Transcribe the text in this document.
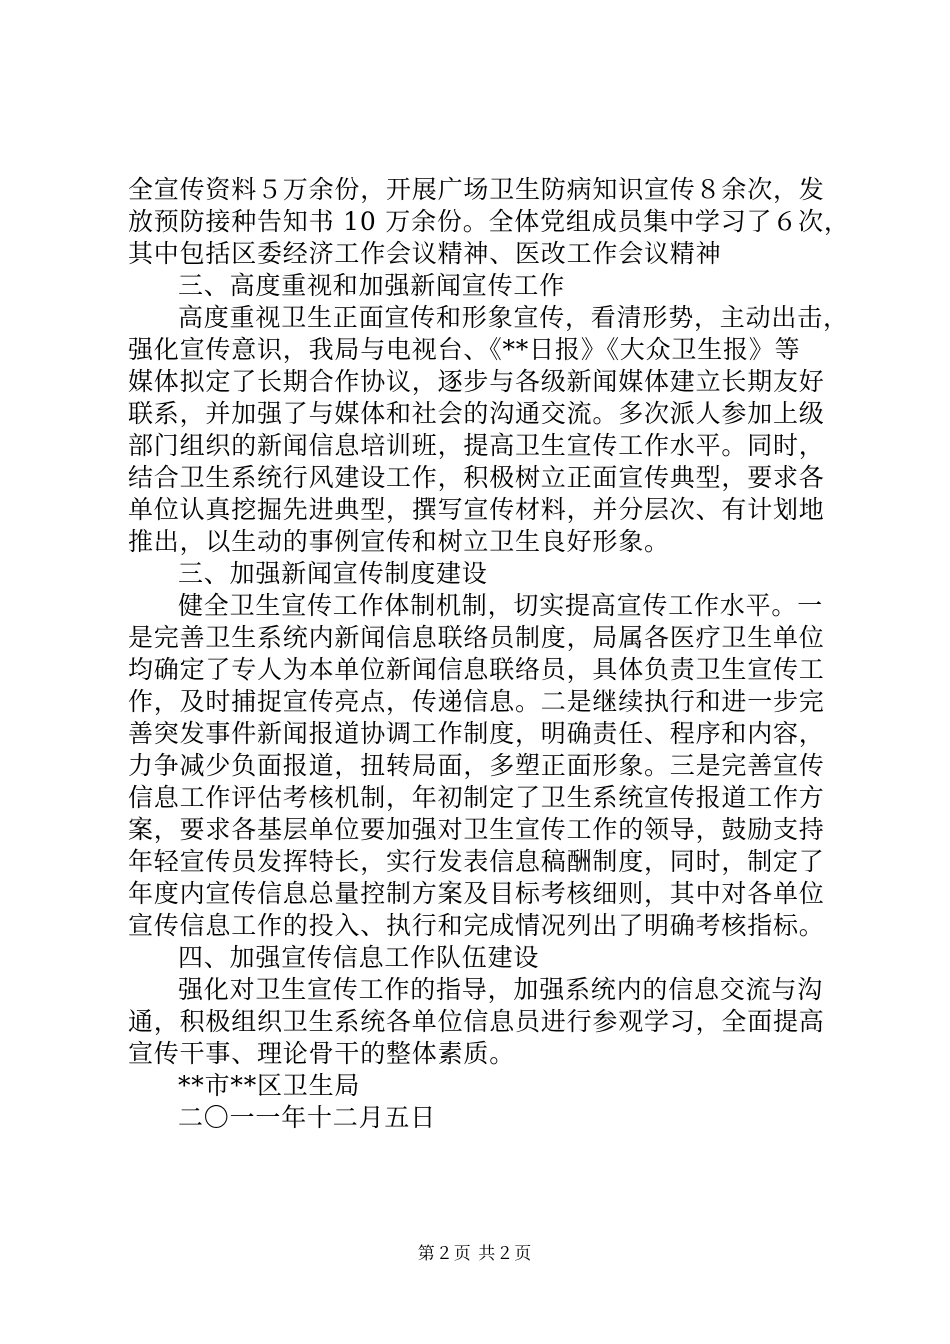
全宣传资料５万余份，开展广场卫生防病知识宣传８余次，发
放预防接种告知书 10 万余份。全体党组成员集中学习了６次，
其中包括区委经济工作会议精神、医改工作会议精神
三、高度重视和加强新闻宣传工作
高度重视卫生正面宣传和形象宣传，看清形势，主动出击，
强化宣传意识，我局与电视台、《**日报》《大众卫生报》等
媒体拟定了长期合作协议，逐步与各级新闻媒体建立长期友好
联系，并加强了与媒体和社会的沟通交流。多次派人参加上级
部门组织的新闻信息培训班，提高卫生宣传工作水平。同时，
结合卫生系统行风建设工作，积极树立正面宣传典型，要求各
单位认真挖掘先进典型，撰写宣传材料，并分层次、有计划地
推出，以生动的事例宣传和树立卫生良好形象。
三、加强新闻宣传制度建设
健全卫生宣传工作体制机制，切实提高宣传工作水平。一
是完善卫生系统内新闻信息联络员制度，局属各医疗卫生单位
均确定了专人为本单位新闻信息联络员，具体负责卫生宣传工
作，及时捕捉宣传亮点，传递信息。二是继续执行和进一步完
善突发事件新闻报道协调工作制度，明确责任、程序和内容，
力争减少负面报道，扭转局面，多塑正面形象。三是完善宣传
信息工作评估考核机制，年初制定了卫生系统宣传报道工作方
案，要求各基层单位要加强对卫生宣传工作的领导，鼓励支持
年轻宣传员发挥特长，实行发表信息稿酬制度，同时，制定了
年度内宣传信息总量控制方案及目标考核细则，其中对各单位
宣传信息工作的投入、执行和完成情况列出了明确考核指标。
四、加强宣传信息工作队伍建设
强化对卫生宣传工作的指导，加强系统内的信息交流与沟
通，积极组织卫生系统各单位信息员进行参观学习，全面提高
宣传干事、理论骨干的整体素质。
**市**区卫生局
二〇一一年十二月五日
第２页 共２页
